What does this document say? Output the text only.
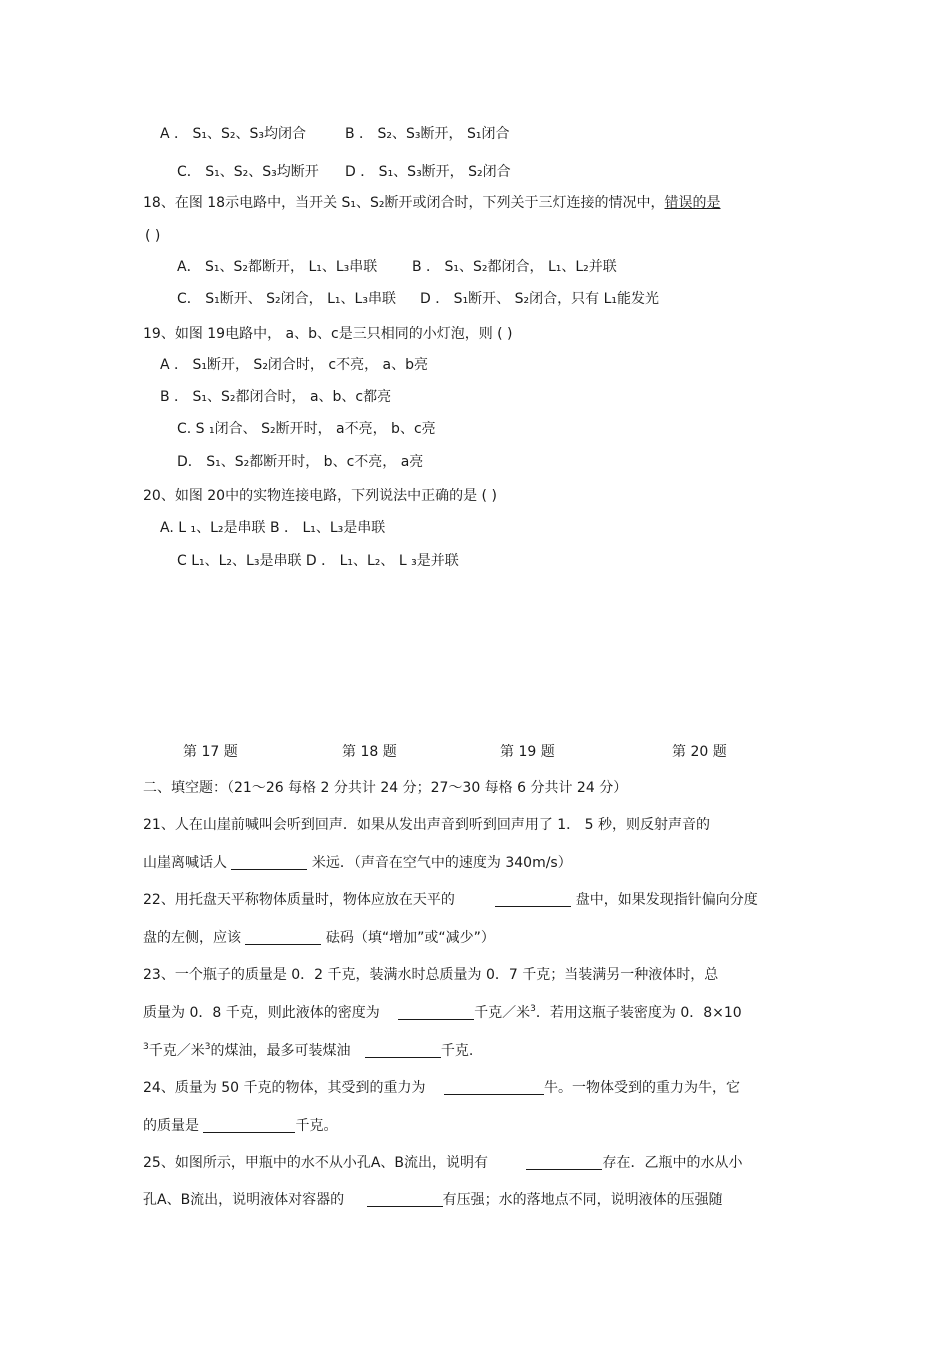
A ． S₁、S₂、S₃均闭合	B ． S₂、S₃断开， S₁闭合
C． S₁、S₂、S₃均断开 D ． S₁、S₃断开， S₂闭合
18、在图 18示电路中，当开关 S₁、S₂断开或闭合时，下列关于三灯连接的情况中，错误的是
( )
A． S₁、S₂都断开， L₁、L₃串联 B ． S₁、S₂都闭合， L₁、L₂并联
C． S₁断开、 S₂闭合， L₁、L₃串联 D ． S₁断开、 S₂闭合，只有 L₁能发光
19、如图 19电路中， a、b、c是三只相同的小灯泡，则 ( )
A ． S₁断开， S₂闭合时， c不亮， a、b亮
B ． S₁、S₂都闭合时， a、b、c都亮
C. S ₁闭合、 S₂断开时， a不亮， b、c亮
D． S₁、S₂都断开时， b、c不亮， a亮
20、如图 20中的实物连接电路，下列说法中正确的是 ( )
A. L ₁、L₂是串联 B ． L₁、L₃是串联
C L₁、L₂、L₃是串联 D ． L₁、L₂、 L ₃是并联
第 17 题	第 18 题	第 19 题	第 20 题
二、填空题：（21～26 每格 2 分共计 24 分；27～30 每格 6 分共计 24 分）
21、人在山崖前喊叫会听到回声．如果从发出声音到听到回声用了 1． 5 秒，则反射声音的
山崖离喊话人	米远．（声音在空气中的速度为 340m/s）
22、用托盘天平称物体质量时，物体应放在天平的	盘中，如果发现指针偏向分度
盘的左侧，应该	砝码（填“增加”或“减少”）
23、一个瓶子的质量是 0．2 千克，装满水时总质量为 0．7 千克；当装满另一种液体时，总
质量为 0．8 千克，则此液体的密度为	千克／米$^3$．若用这瓶子装密度为 0．8×10
$^3$千克／米$^3$的煤油，最多可装煤油	千克.
24、质量为 50 千克的物体，其受到的重力为	牛。一物体受到的重力为牛，它
的质量是	千克。
25、如图所示，甲瓶中的水不从小孔A、B流出，说明有	存在．乙瓶中的水从小
孔A、B流出，说明液体对容器的	有压强；水的落地点不同，说明液体的压强随
